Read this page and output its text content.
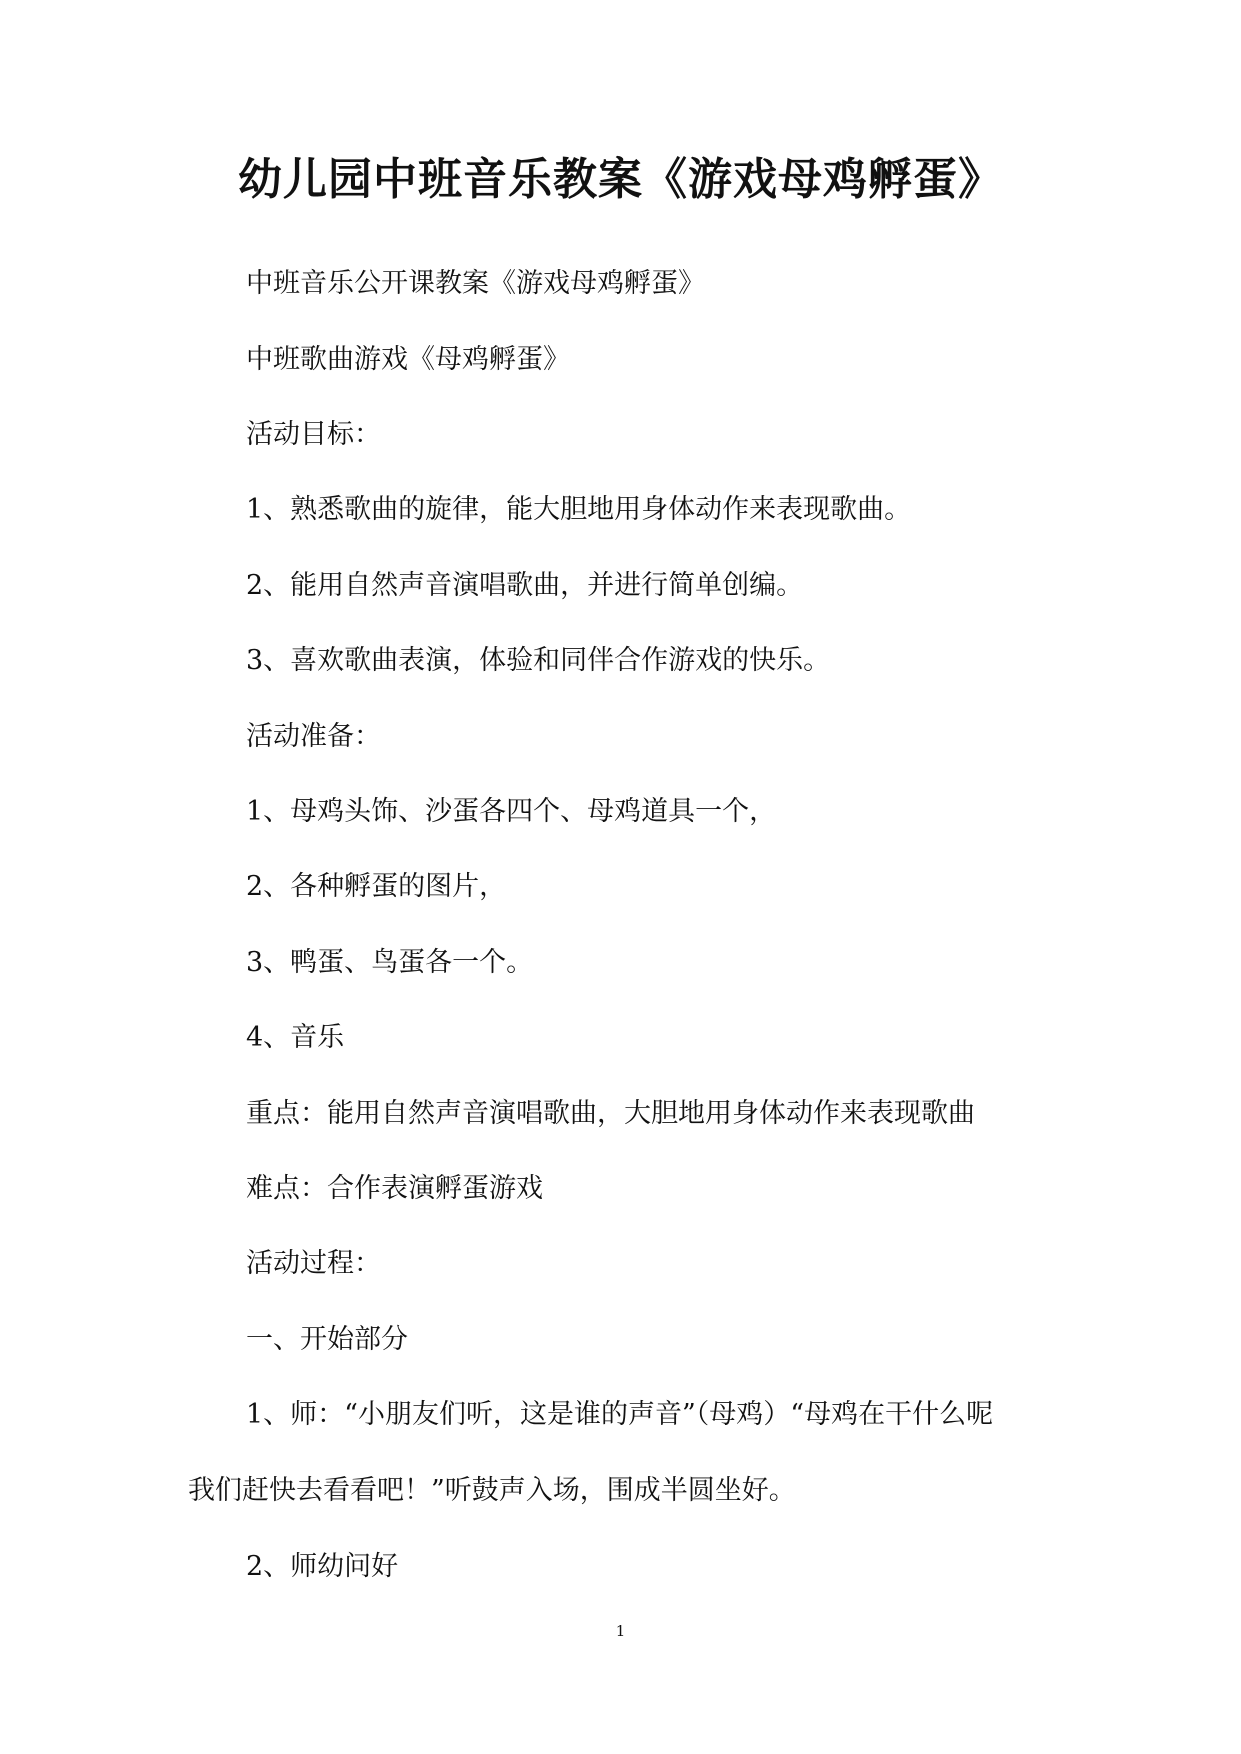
幼儿园中班音乐教案《游戏母鸡孵蛋》

中班音乐公开课教案《游戏母鸡孵蛋》

中班歌曲游戏《母鸡孵蛋》

活动目标：

1、熟悉歌曲的旋律，能大胆地用身体动作来表现歌曲。

2、能用自然声音演唱歌曲，并进行简单创编。

3、喜欢歌曲表演，体验和同伴合作游戏的快乐。

活动准备：

1、母鸡头饰、沙蛋各四个、母鸡道具一个，

2、各种孵蛋的图片，

3、鸭蛋、鸟蛋各一个。

4、音乐

重点：能用自然声音演唱歌曲，大胆地用身体动作来表现歌曲

难点：合作表演孵蛋游戏

活动过程：

一、开始部分

1、师：“小朋友们听，这是谁的声音”（母鸡）“母鸡在干什么呢

我们赶快去看看吧！”听鼓声入场，围成半圆坐好。

2、师幼问好

1
